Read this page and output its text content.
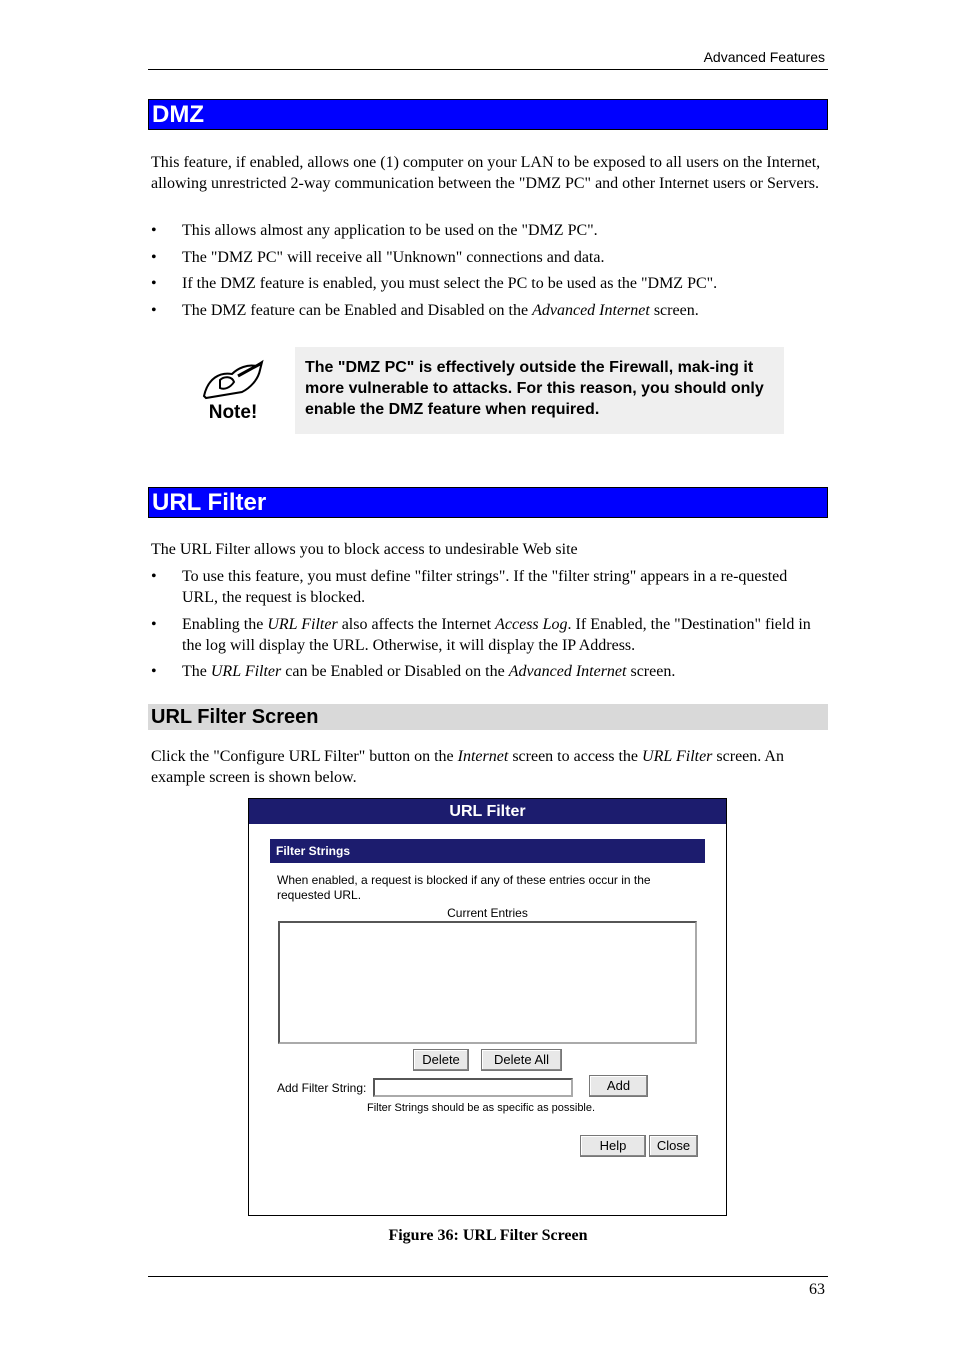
Advanced Features
DMZ
This feature, if enabled, allows one (1) computer on your LAN to be exposed to all users on the Internet, allowing unrestricted 2-way communication between the "DMZ PC" and other Internet users or Servers.
• This allows almost any application to be used on the "DMZ PC".
• The "DMZ PC" will receive all "Unknown" connections and data.
• If the DMZ feature is enabled, you must select the PC to be used as the "DMZ PC".
• The DMZ feature can be Enabled and Disabled on the Advanced Internet screen.
Note!
The "DMZ PC" is effectively outside the Firewall, mak-ing it more vulnerable to attacks. For this reason, you should only enable the DMZ feature when required.
URL Filter
The URL Filter allows you to block access to undesirable Web site
• To use this feature, you must define "filter strings". If the "filter string" appears in a re-quested URL, the request is blocked.
• Enabling the URL Filter also affects the Internet Access Log. If Enabled, the "Destination" field in the log will display the URL. Otherwise, it will display the IP Address.
• The URL Filter can be Enabled or Disabled on the Advanced Internet screen.
URL Filter Screen
Click the "Configure URL Filter" button on the Internet screen to access the URL Filter screen. An example screen is shown below.
URL Filter
Filter Strings
When enabled, a request is blocked if any of these entries occur in the requested URL.
Current Entries
Delete	Delete All
Add Filter String:	Add
Filter Strings should be as specific as possible.
Help	Close
Figure 36: URL Filter Screen
63
